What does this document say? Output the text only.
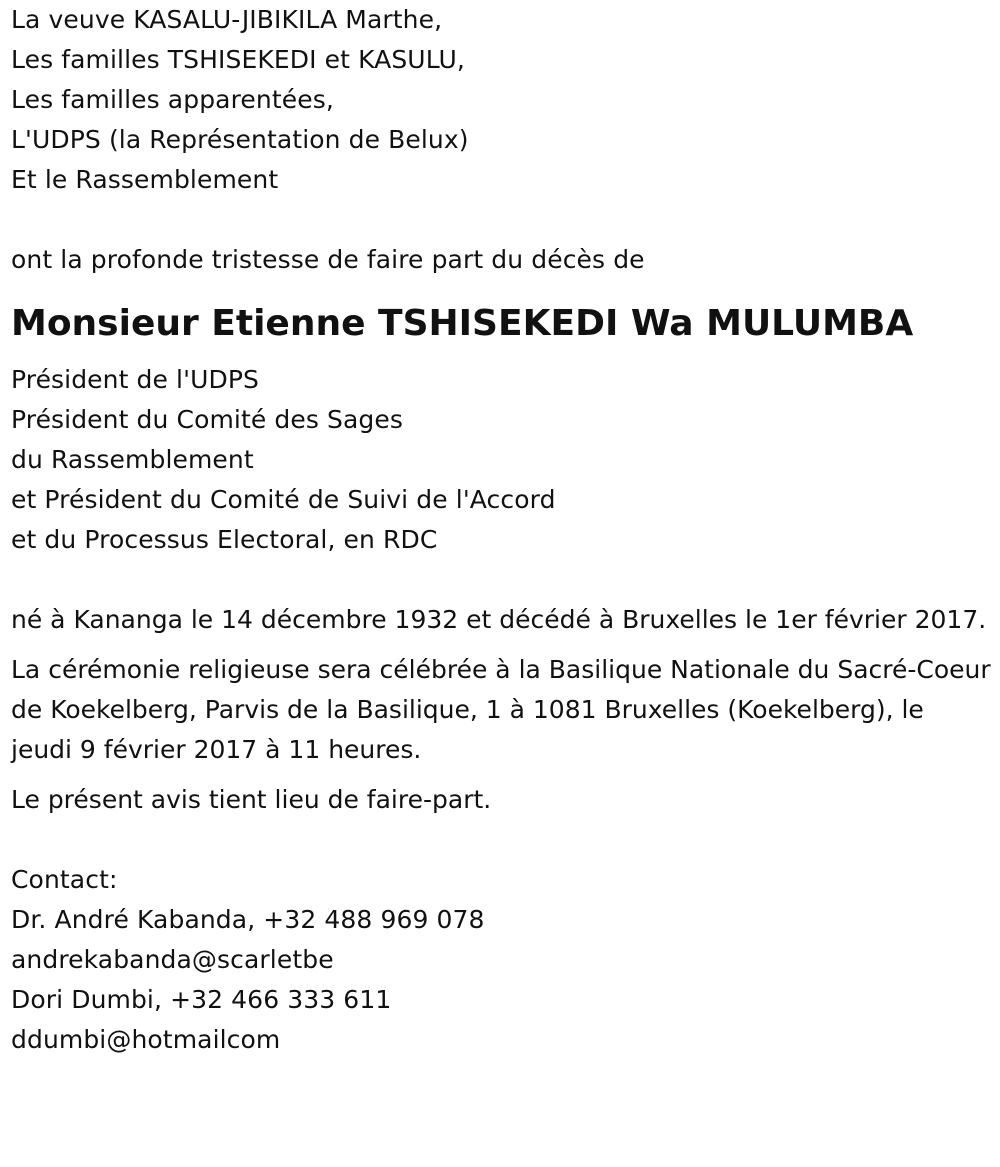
La veuve KASALU-JIBIKILA Marthe,
Les familles TSHISEKEDI et KASULU,
Les familles apparentées,
L'UDPS (la Représentation de Belux)
Et le Rassemblement
ont la profonde tristesse de faire part du décès de
Monsieur Etienne TSHISEKEDI Wa MULUMBA
Président de l'UDPS
Président du Comité des Sages
du Rassemblement
et Président du Comité de Suivi de l'Accord
et du Processus Electoral, en RDC
né à Kananga le 14 décembre 1932 et décédé à Bruxelles le 1er février 2017.
La cérémonie religieuse sera célébrée à la Basilique Nationale du Sacré-Coeur de Koekelberg, Parvis de la Basilique, 1 à 1081 Bruxelles (Koekelberg), le jeudi 9 février 2017 à 11 heures.
Le présent avis tient lieu de faire-part.
Contact:
Dr. André Kabanda, +32 488 969 078
andrekabanda@scarletbe
Dori Dumbi, +32 466 333 611
ddumbi@hotmailcom
